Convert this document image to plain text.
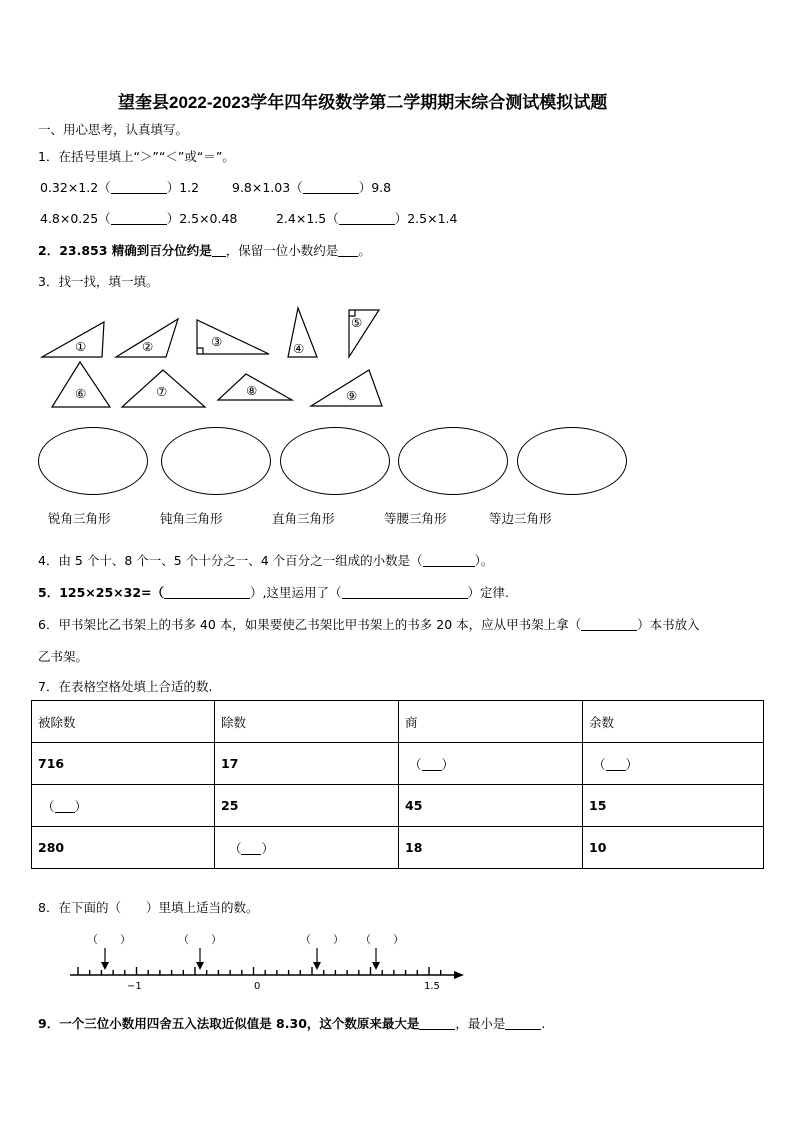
望奎县2022-2023学年四年级数学第二学期期末综合测试模拟试题
一、用心思考，认真填写。
1．在括号里填上“＞”“＜”或“＝”。
0.32×1.2（	）1.2	9.8×1.03（	）9.8
4.8×0.25（	）2.5×0.48	2.4×1.5（	）2.5×1.4
2．23.853 精确到百分位约是 ，保留一位小数约是 。
3．找一找，填一填。
①	②	③	④
⑤
⑥	⑦	⑧	⑨
锐角三角形	钝角三角形	直角三角形	等腰三角形	等边三角形
4．由 5 个十、8 个一、5 个十分之一、4 个百分之一组成的小数是（	）。
5．125×25×32=（	）,这里运用了（	）定律.
6．甲书架比乙书架上的书多 40 本，如果要使乙书架比甲书架上的书多 20 本，应从甲书架上拿（	）本书放入
乙书架。
7．在表格空格处填上合适的数.
被除数	除数	商	余数
716	17	（ ）	（ ）
（ ）	25	45	15
280	（ ）	18	10
8．在下面的（　　）里填上适当的数。
（　　）	（　　）	（　　） （　　）
−1	0	1.5
9．一个三位小数用四舍五入法取近似值是 8.30，这个数原来最大是	，最小是	.
